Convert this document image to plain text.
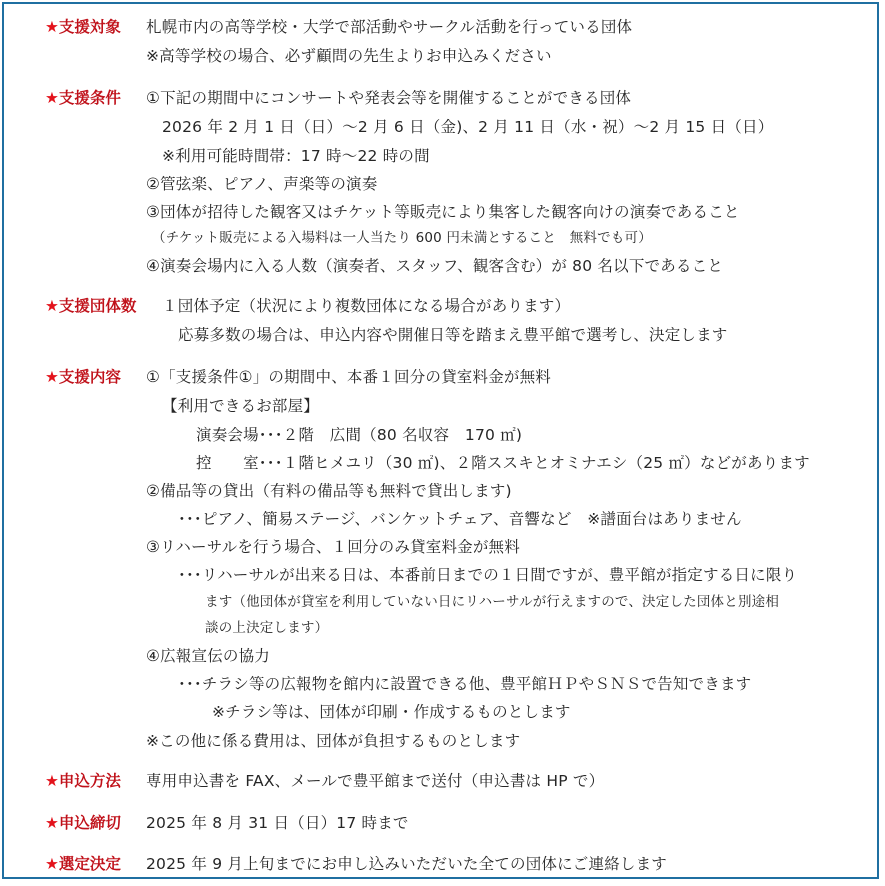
★支援対象 札幌市内の高等学校・大学で部活動やサークル活動を行っている団体
※高等学校の場合、必ず顧問の先生よりお申込みください
★支援条件 ①下記の期間中にコンサートや発表会等を開催することができる団体
2026 年 2 月 1 日（日）～2 月 6 日（金)、2 月 11 日（水・祝）～2 月 15 日（日）
※利用可能時間帯：17 時～22 時の間
②管弦楽、ピアノ、声楽等の演奏
③団体が招待した観客又はチケット等販売により集客した観客向けの演奏であること
（チケット販売による入場料は一人当たり 600 円未満とすること　無料でも可）
④演奏会場内に入る人数（演奏者、スタッフ、観客含む）が 80 名以下であること
★支援団体数 １団体予定（状況により複数団体になる場合があります）
応募多数の場合は、申込内容や開催日等を踏まえ豊平館で選考し、決定します
★支援内容 ①「支援条件①」の期間中、本番１回分の貸室料金が無料
【利用できるお部屋】
演奏会場･･･２階　広間（80 名収容　170 ㎡)
控　　室･･･１階ヒメユリ（30 ㎡)、２階ススキとオミナエシ（25 ㎡）などがあります
②備品等の貸出（有料の備品等も無料で貸出します)
･･･ピアノ、簡易ステージ、バンケットチェア、音響など　※譜面台はありません
③リハーサルを行う場合、１回分のみ貸室料金が無料
･･･リハーサルが出来る日は、本番前日までの１日間ですが、豊平館が指定する日に限り
ます（他団体が貸室を利用していない日にリハーサルが行えますので、決定した団体と別途相
談の上決定します）
④広報宣伝の協力
･･･チラシ等の広報物を館内に設置できる他、豊平館ＨＰやＳＮＳで告知できます
※チラシ等は、団体が印刷・作成するものとします
※この他に係る費用は、団体が負担するものとします
★申込方法 専用申込書を FAX、メールで豊平館まで送付（申込書は HP で）
★申込締切 2025 年 8 月 31 日（日）17 時まで
★選定決定 2025 年 9 月上旬までにお申し込みいただいた全ての団体にご連絡します
